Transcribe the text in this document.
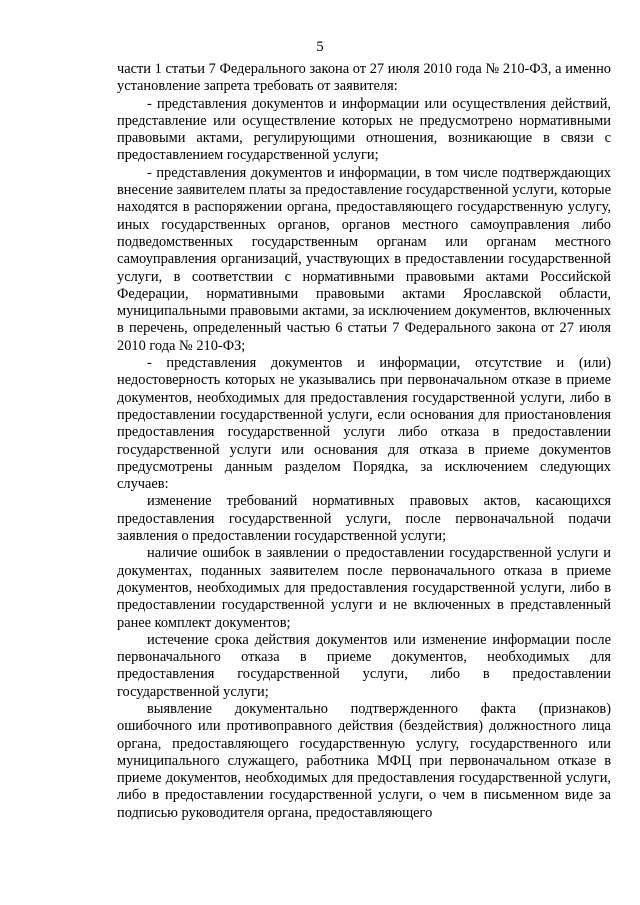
5

части 1 статьи 7 Федерального закона от 27 июля 2010 года № 210-ФЗ, а именно установление запрета требовать от заявителя:

- представления документов и информации или осуществления действий, представление или осуществление которых не предусмотрено нормативными правовыми актами, регулирующими отношения, возникающие в связи с предоставлением государственной услуги;

- представления документов и информации, в том числе подтверждающих внесение заявителем платы за предоставление государственной услуги, которые находятся в распоряжении органа, предоставляющего государственную услугу, иных государственных органов, органов местного самоуправления либо подведомственных государственным органам или органам местного самоуправления организаций, участвующих в предоставлении государственной услуги, в соответствии с нормативными правовыми актами Российской Федерации, нормативными правовыми актами Ярославской области, муниципальными правовыми актами, за исключением документов, включенных в перечень, определенный частью 6 статьи 7 Федерального закона от 27 июля 2010 года № 210-ФЗ;

- представления документов и информации, отсутствие и (или) недостоверность которых не указывались при первоначальном отказе в приеме документов, необходимых для предоставления государственной услуги, либо в предоставлении государственной услуги, если основания для приостановления предоставления государственной услуги либо отказа в предоставлении государственной услуги или основания для отказа в приеме документов предусмотрены данным разделом Порядка, за исключением следующих случаев:

изменение требований нормативных правовых актов, касающихся предоставления государственной услуги, после первоначальной подачи заявления о предоставлении государственной услуги;

наличие ошибок в заявлении о предоставлении государственной услуги и документах, поданных заявителем после первоначального отказа в приеме документов, необходимых для предоставления государственной услуги, либо в предоставлении государственной услуги и не включенных в представленный ранее комплект документов;

истечение срока действия документов или изменение информации после первоначального отказа в приеме документов, необходимых для предоставления государственной услуги, либо в предоставлении государственной услуги;

выявление документально подтвержденного факта (признаков) ошибочного или противоправного действия (бездействия) должностного лица органа, предоставляющего государственную услугу, государственного или муниципального служащего, работника МФЦ при первоначальном отказе в приеме документов, необходимых для предоставления государственной услуги, либо в предоставлении государственной услуги, о чем в письменном виде за подписью руководителя органа, предоставляющего
